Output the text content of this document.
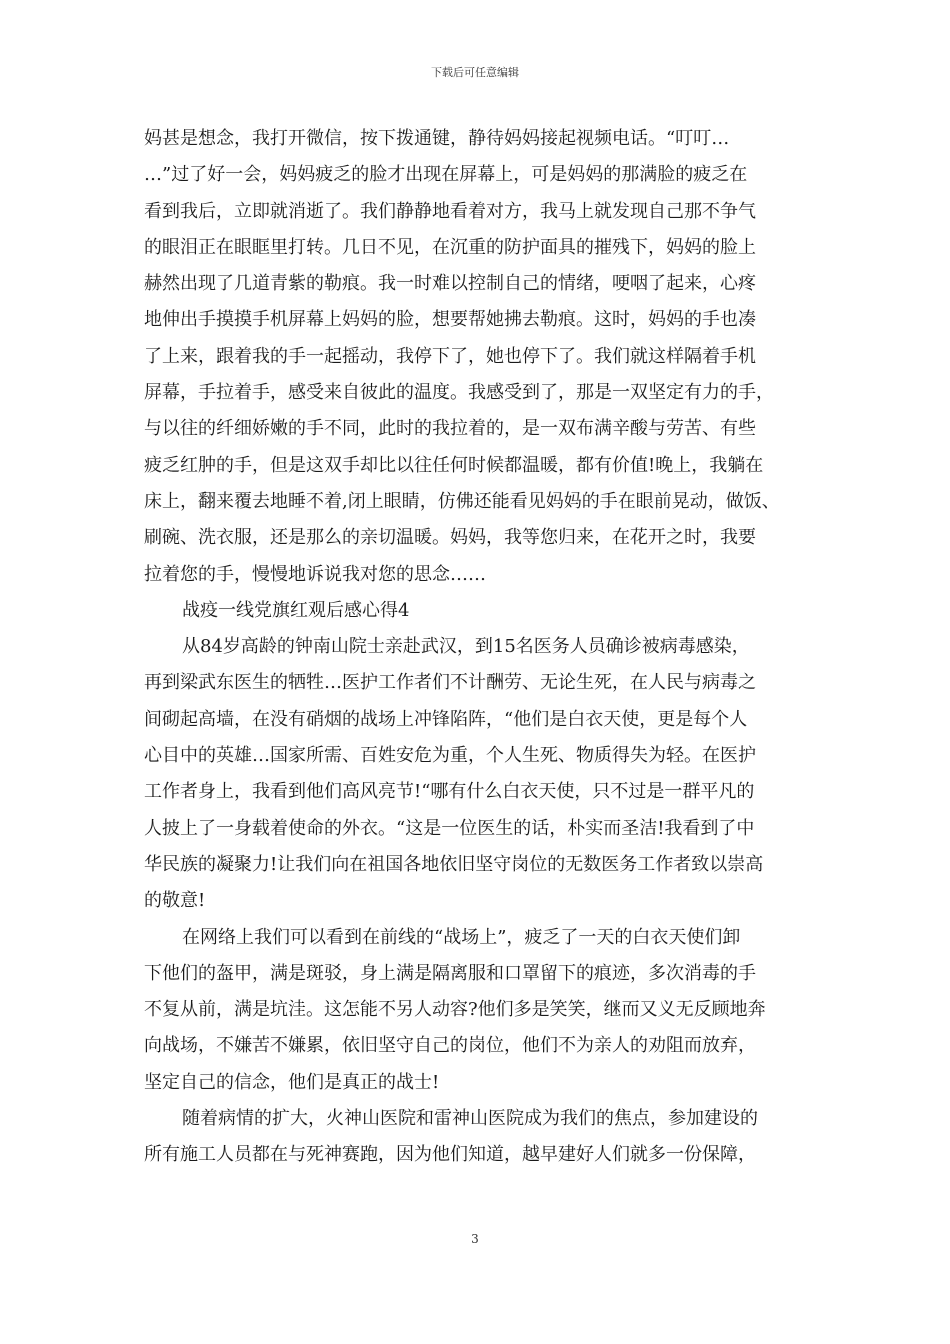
下载后可任意编辑
妈甚是想念，我打开微信，按下拨通键，静待妈妈接起视频电话。“叮叮…
…”过了好一会，妈妈疲乏的脸才出现在屏幕上，可是妈妈的那满脸的疲乏在
看到我后，立即就消逝了。我们静静地看着对方，我马上就发现自己那不争气
的眼泪正在眼眶里打转。几日不见，在沉重的防护面具的摧残下，妈妈的脸上
赫然出现了几道青紫的勒痕。我一时难以控制自己的情绪，哽咽了起来，心疼
地伸出手摸摸手机屏幕上妈妈的脸，想要帮她拂去勒痕。这时，妈妈的手也凑
了上来，跟着我的手一起摇动，我停下了，她也停下了。我们就这样隔着手机
屏幕，手拉着手，感受来自彼此的温度。我感受到了，那是一双坚定有力的手，
与以往的纤细娇嫩的手不同，此时的我拉着的，是一双布满辛酸与劳苦、有些
疲乏红肿的手，但是这双手却比以往任何时候都温暖，都有价值!晚上，我躺在
床上，翻来覆去地睡不着,闭上眼睛，仿佛还能看见妈妈的手在眼前晃动，做饭、
刷碗、洗衣服，还是那么的亲切温暖。妈妈，我等您归来，在花开之时，我要
拉着您的手，慢慢地诉说我对您的思念……
战疫一线党旗红观后感心得4
从84岁高龄的钟南山院士亲赴武汉，到15名医务人员确诊被病毒感染，
再到梁武东医生的牺牲…医护工作者们不计酬劳、无论生死，在人民与病毒之
间砌起高墙，在没有硝烟的战场上冲锋陷阵，“他们是白衣天使，更是每个人
心目中的英雄…国家所需、百姓安危为重，个人生死、物质得失为轻。在医护
工作者身上，我看到他们高风亮节!“哪有什么白衣天使，只不过是一群平凡的
人披上了一身载着使命的外衣。“这是一位医生的话，朴实而圣洁!我看到了中
华民族的凝聚力!让我们向在祖国各地依旧坚守岗位的无数医务工作者致以崇高
的敬意!
在网络上我们可以看到在前线的“战场上”，疲乏了一天的白衣天使们卸
下他们的盔甲，满是斑驳，身上满是隔离服和口罩留下的痕迹，多次消毒的手
不复从前，满是坑洼。这怎能不另人动容?他们多是笑笑，继而又义无反顾地奔
向战场，不嫌苦不嫌累，依旧坚守自己的岗位，他们不为亲人的劝阻而放弃，
坚定自己的信念，他们是真正的战士!
随着病情的扩大，火神山医院和雷神山医院成为我们的焦点，参加建设的
所有施工人员都在与死神赛跑，因为他们知道，越早建好人们就多一份保障，
3
